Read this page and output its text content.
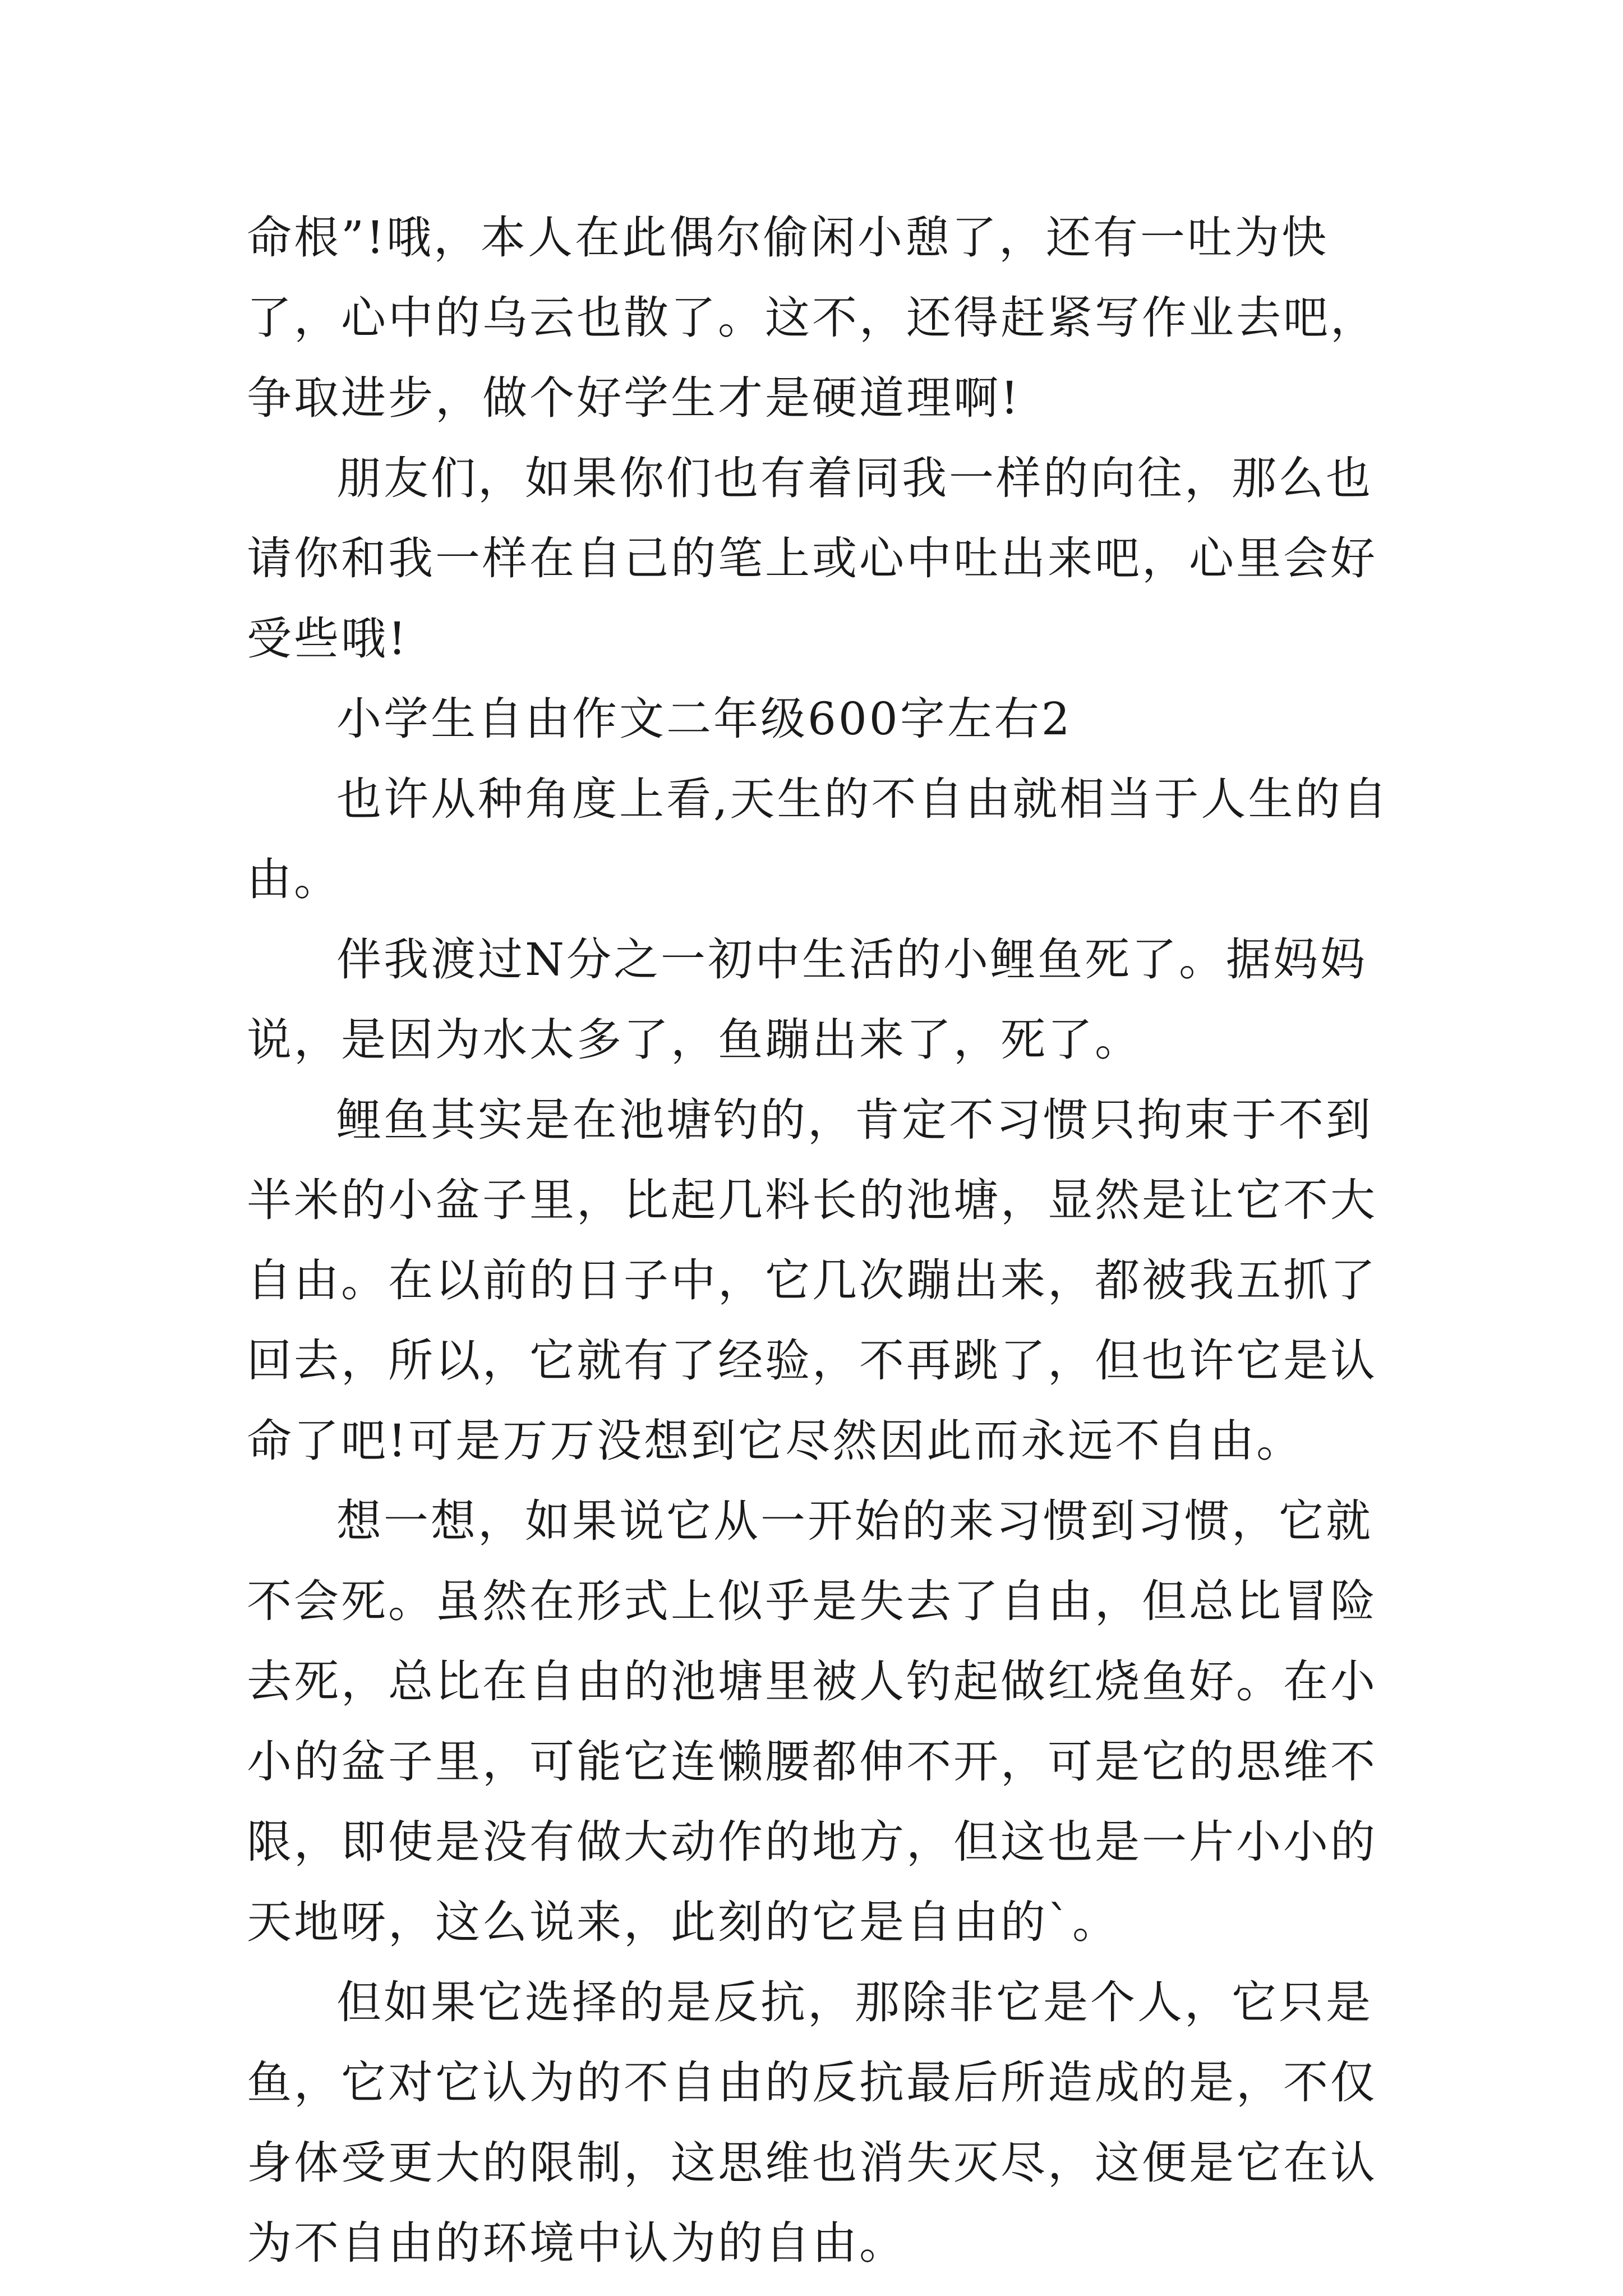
命根”!哦，本人在此偶尔偷闲小憩了，还有一吐为快了，心中的乌云也散了。这不，还得赶紧写作业去吧，争取进步，做个好学生才是硬道理啊!

朋友们，如果你们也有着同我一样的向往，那么也请你和我一样在自己的笔上或心中吐出来吧，心里会好受些哦!

小学生自由作文二年级600字左右2

也许从种角度上看,天生的不自由就相当于人生的自由。

伴我渡过N分之一初中生活的小鲤鱼死了。据妈妈说，是因为水太多了，鱼蹦出来了，死了。

鲤鱼其实是在池塘钓的，肯定不习惯只拘束于不到半米的小盆子里，比起几料长的池塘，显然是让它不大自由。在以前的日子中，它几次蹦出来，都被我五抓了回去，所以，它就有了经验，不再跳了，但也许它是认命了吧!可是万万没想到它尽然因此而永远不自由。

想一想，如果说它从一开始的来习惯到习惯，它就不会死。虽然在形式上似乎是失去了自由，但总比冒险去死，总比在自由的池塘里被人钓起做红烧鱼好。在小小的盆子里，可能它连懒腰都伸不开，可是它的思维不限，即使是没有做大动作的地方，但这也是一片小小的天地呀，这么说来，此刻的它是自由的`。

但如果它选择的是反抗，那除非它是个人，它只是鱼，它对它认为的不自由的反抗最后所造成的是，不仅身体受更大的限制，这思维也消失灭尽，这便是它在认为不自由的环境中认为的自由。
